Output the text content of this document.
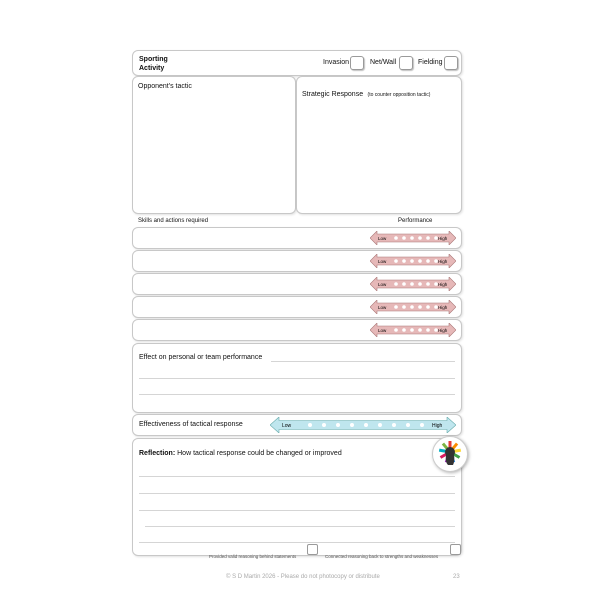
Sporting Activity
Invasion	Net/Wall	Fielding
Opponent's tactic
Strategic Response (to counter opposition tactic)
Skills and actions required	Performance
Low	High
Low	High
Low	High
Low	High
Low	High
Effect on personal or team performance
Effectiveness of tactical response	Low	High
Reflection: How tactical response could be changed or improved
Provided valid reasoning behind statements	Connected reasoning back to strengths and weaknesses
© S D Martin 2026 - Please do not photocopy or distribute	23
